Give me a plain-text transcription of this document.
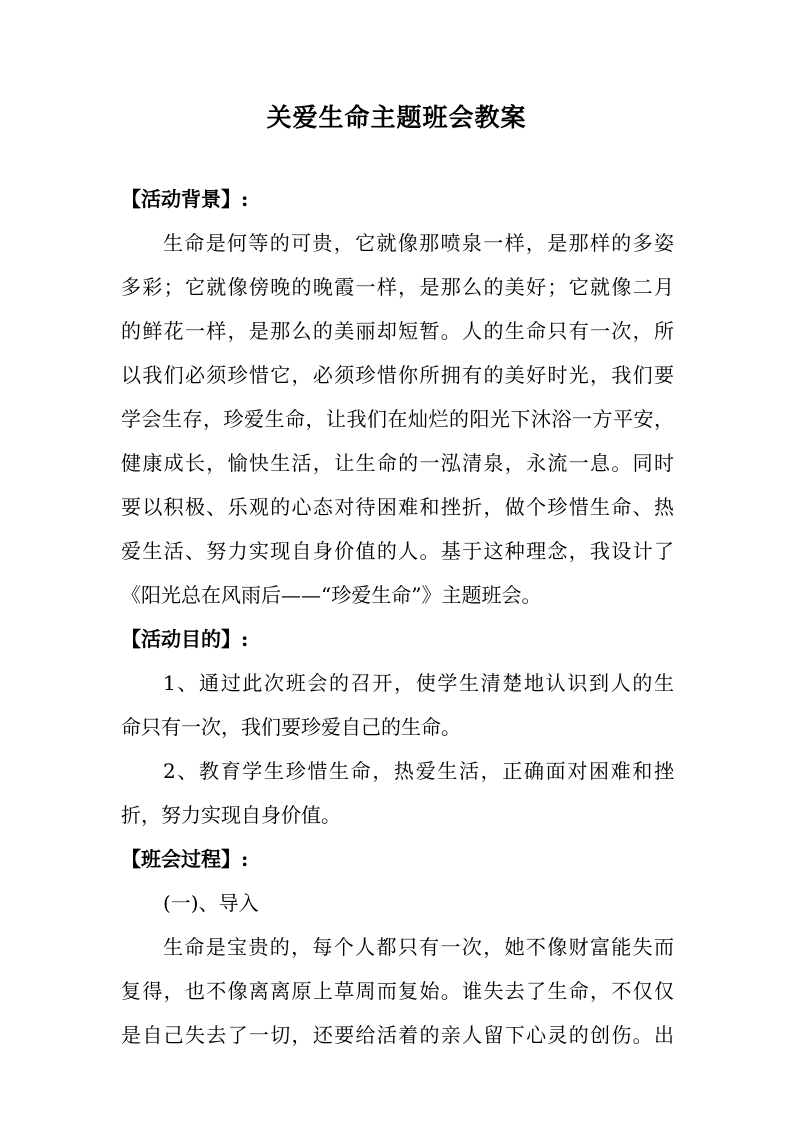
关爱生命主题班会教案
【活动背景】:
生命是何等的可贵，它就像那喷泉一样，是那样的多姿
多彩；它就像傍晚的晚霞一样，是那么的美好；它就像二月
的鲜花一样，是那么的美丽却短暂。人的生命只有一次，所
以我们必须珍惜它，必须珍惜你所拥有的美好时光，我们要
学会生存，珍爱生命，让我们在灿烂的阳光下沐浴一方平安，
健康成长，愉快生活，让生命的一泓清泉，永流一息。同时
要以积极、乐观的心态对待困难和挫折，做个珍惜生命、热
爱生活、努力实现自身价值的人。基于这种理念，我设计了
《阳光总在风雨后——“珍爱生命”》主题班会。
【活动目的】:
1、通过此次班会的召开，使学生清楚地认识到人的生
命只有一次，我们要珍爱自己的生命。
2、教育学生珍惜生命，热爱生活，正确面对困难和挫
折，努力实现自身价值。
【班会过程】:
(一)、导入
生命是宝贵的，每个人都只有一次，她不像财富能失而
复得，也不像离离原上草周而复始。谁失去了生命，不仅仅
是自己失去了一切，还要给活着的亲人留下心灵的创伤。出
